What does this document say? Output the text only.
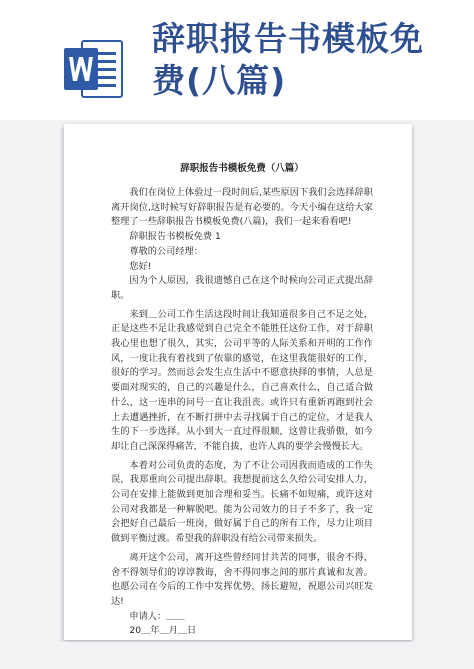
辞职报告书模板免
费(八篇)

辞职报告书模板免费（八篇）

我们在岗位上体验过一段时间后,某些原因下我们会选择辞职离开岗位,这时候写好辞职报告是有必要的。今天小编在这给大家整理了一些辞职报告书模板免费(八篇)，我们一起来看看吧!

辞职报告书模板免费 1

尊敬的公司经理：

您好!

因为个人原因，我很遗憾自己在这个时候向公司正式提出辞职。

来到＿公司工作生活这段时间让我知道很多自己不足之处，正是这些不足让我感觉到自己完全不能胜任这份工作，对于辞职我心里也想了很久，其实，公司平等的人际关系和开明的工作作风，一度让我有着找到了依靠的感觉，在这里我能很好的工作，很好的学习。然而总会发生点生活中不愿意抉择的事情，人总是要面对现实的，自己的兴趣是什么，自己喜欢什么，自己适合做什么，这一连串的问号一直让我沮丧。或许只有重新再跑到社会上去遭遇挫折，在不断打拼中去寻找属于自己的定位，才是我人生的下一步选择。从小到大一直过得很顺，这曾让我骄傲，如今却让自己深深得痛苦，不能自拔，也许人真的要学会慢慢长大。

本着对公司负责的态度，为了不让公司因我而造成的工作失误，我郑重向公司提出辞职。我想提前这么久给公司安排人力，公司在安排上能做到更加合理和妥当。长痛不如短痛，或许这对公司对我都是一种解脱吧。能为公司效力的日子不多了，我一定会把好自己最后一班岗，做好属于自己的所有工作，尽力让项目做到平衡过渡。希望我的辞职没有给公司带来损失。

离开这个公司，离开这些曾经同甘共苦的同事，很舍不得，舍不得领导们的谆谆教诲，舍不得同事之间的那片真诚和友善。也愿公司在今后的工作中发挥优势，扬长避短，祝愿公司兴旺发达!

申请人：＿＿

20＿年＿月＿日
